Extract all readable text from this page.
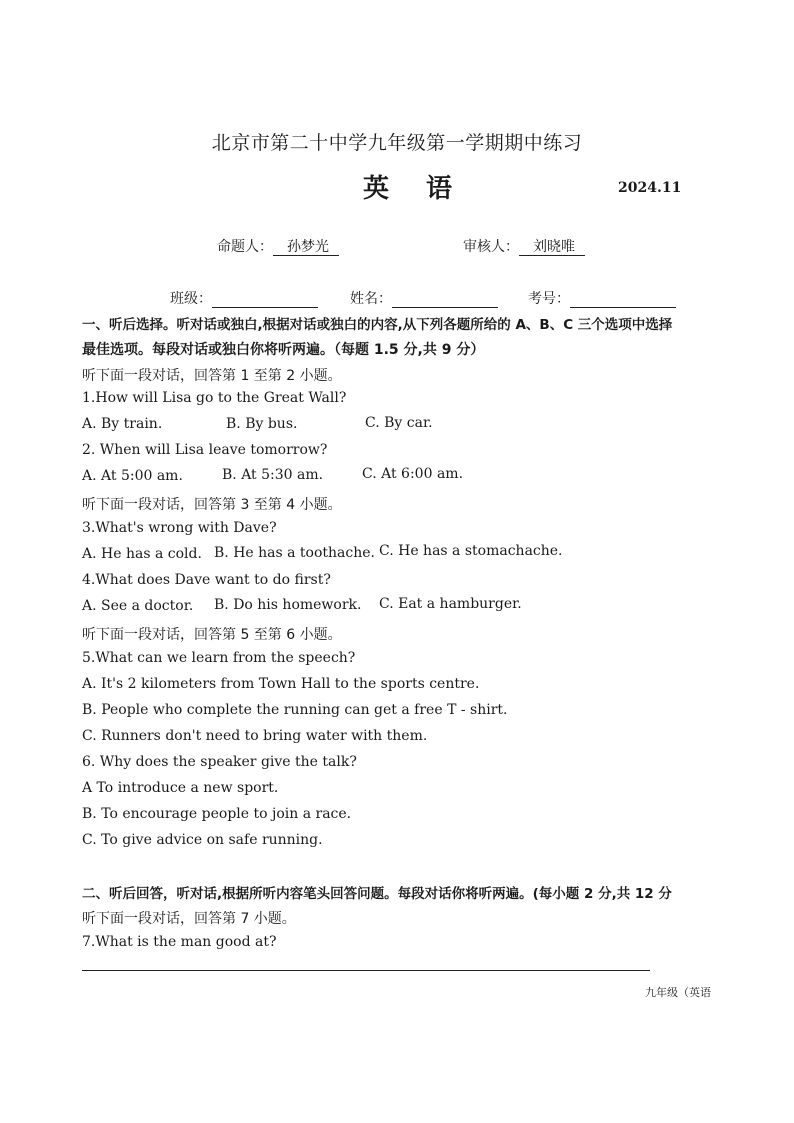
北京市第二十中学九年级第一学期期中练习
英 语	2024.11
命题人： 孙梦光	审核人： 刘晓唯
班级：	姓名：	考号：
一、听后选择。听对话或独白,根据对话或独白的内容,从下列各题所给的 A、B、C 三个选项中选择
最佳选项。每段对话或独白你将听两遍。（每题 1.5 分,共 9 分）
听下面一段对话，回答第 1 至第 2 小题。
1.How will Lisa go to the Great Wall?
A. By train.	B. By bus.	C. By car.
2. When will Lisa leave tomorrow?
A. At 5:00 am.	B. At 5:30 am.	C. At 6:00 am.
听下面一段对话，回答第 3 至第 4 小题。
3.What's wrong with Dave?
A. He has a cold. B. He has a toothache. C. He has a stomachache.
4.What does Dave want to do first?
A. See a doctor. B. Do his homework. C. Eat a hamburger.
听下面一段对话，回答第 5 至第 6 小题。
5.What can we learn from the speech?
A. It's 2 kilometers from Town Hall to the sports centre.
B. People who complete the running can get a free T - shirt.
C. Runners don't need to bring water with them.
6. Why does the speaker give the talk?
A To introduce a new sport.
B. To encourage people to join a race.
C. To give advice on safe running.
二、听后回答，听对话,根据所听内容笔头回答问题。每段对话你将听两遍。(每小题 2 分,共 12 分
听下面一段对话，回答第 7 小题。
7.What is the man good at?
九年级（英语
